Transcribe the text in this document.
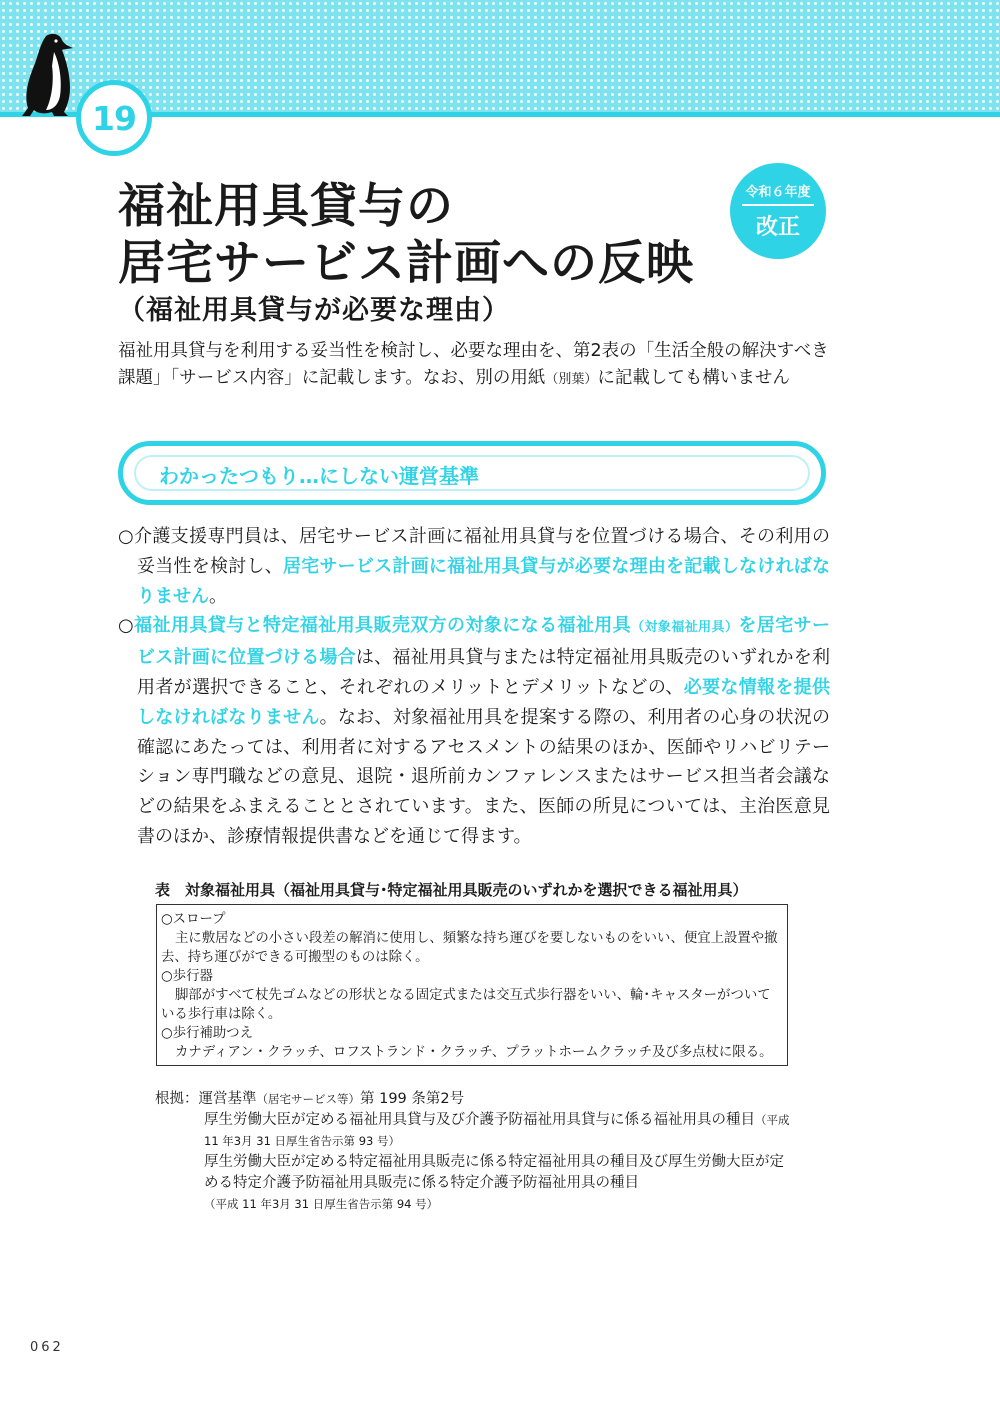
19
福祉用具貸与の
居宅サービス計画への反映
（福祉用具貸与が必要な理由）
令和６年度
改正
福祉用具貸与を利用する妥当性を検討し、必要な理由を、第2表の「生活全般の解決すべき課題」「サービス内容」に記載します。なお、別の用紙（別葉）に記載しても構いません
わかったつもり…にしない運営基準

○介護支援専門員は、居宅サービス計画に福祉用具貸与を位置づける場合、その利用の妥当性を検討し、居宅サービス計画に福祉用具貸与が必要な理由を記載しなければなりません。

○福祉用具貸与と特定福祉用具販売双方の対象になる福祉用具（対象福祉用具）を居宅サービス計画に位置づける場合は、福祉用具貸与または特定福祉用具販売のいずれかを利用者が選択できること、それぞれのメリットとデメリットなどの、必要な情報を提供しなければなりません。なお、対象福祉用具を提案する際の、利用者の心身の状況の確認にあたっては、利用者に対するアセスメントの結果のほか、医師やリハビリテーション専門職などの意見、退院・退所前カンファレンスまたはサービス担当者会議などの結果をふまえることとされています。また、医師の所見については、主治医意見書のほか、診療情報提供書などを通じて得ます。

表　対象福祉用具（福祉用具貸与･特定福祉用具販売のいずれかを選択できる福祉用具）

○スロープ

主に敷居などの小さい段差の解消に使用し、頻繁な持ち運びを要しないものをいい、便宜上設置や撤去、持ち運びができる可搬型のものは除く。

○歩行器

脚部がすべて杖先ゴムなどの形状となる固定式または交互式歩行器をいい、輪･キャスターがついている歩行車は除く。

○歩行補助つえ

カナディアン・クラッチ、ロフストランド・クラッチ、プラットホームクラッチ及び多点杖に限る。

根拠：運営基準（居宅サービス等）第 199 条第2号

厚生労働大臣が定める福祉用具貸与及び介護予防福祉用具貸与に係る福祉用具の種目（平成 11 年3月 31 日厚生省告示第 93 号）

厚生労働大臣が定める特定福祉用具販売に係る特定福祉用具の種目及び厚生労働大臣が定める特定介護予防福祉用具販売に係る特定介護予防福祉用具の種目
（平成 11 年3月 31 日厚生省告示第 94 号）

062
